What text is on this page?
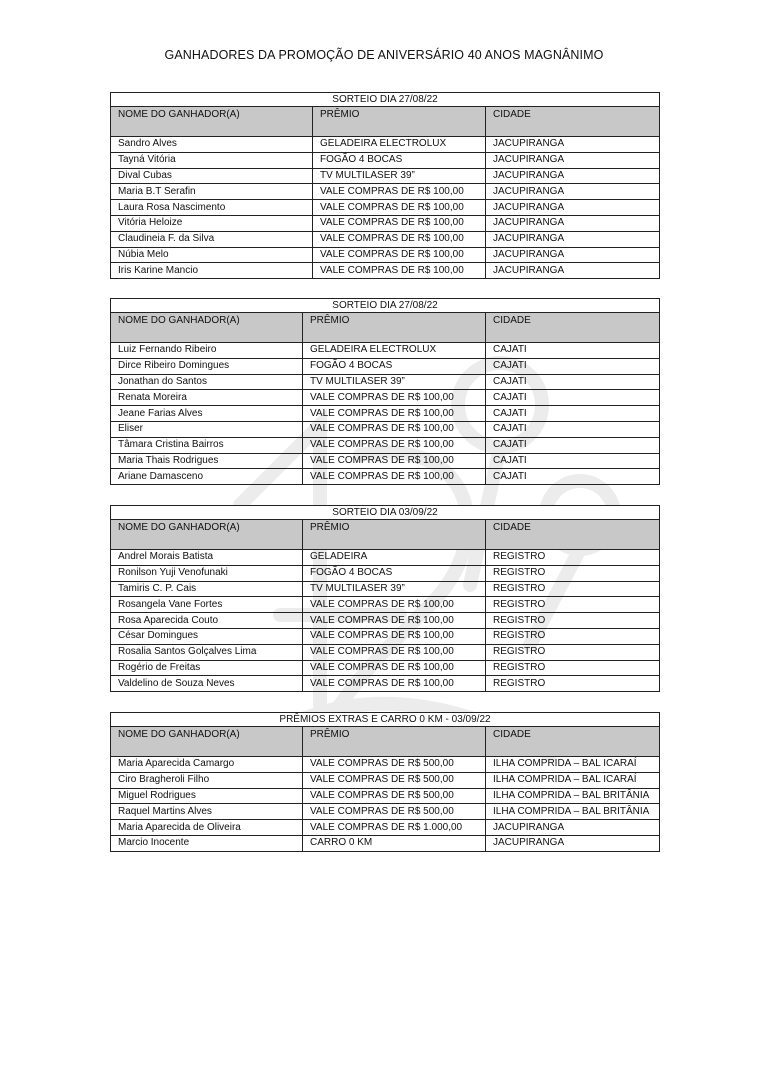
GANHADORES DA PROMOÇÃO DE ANIVERSÁRIO 40 ANOS MAGNÂNIMO
SORTEIO DIA 27/08/22		
NOME DO GANHADOR(A)	PRÊMIO	CIDADE
Sandro Alves	GELADEIRA ELECTROLUX	JACUPIRANGA
Tayná Vitória	FOGÃO 4 BOCAS	JACUPIRANGA
Dival Cubas	TV MULTILASER 39”	JACUPIRANGA
Maria B.T Serafin	VALE COMPRAS DE R$ 100,00	JACUPIRANGA
Laura Rosa Nascimento	VALE COMPRAS DE R$ 100,00	JACUPIRANGA
Vitória Heloize	VALE COMPRAS DE R$ 100,00	JACUPIRANGA
Claudineia F. da Silva	VALE COMPRAS DE R$ 100,00	JACUPIRANGA
Núbia Melo	VALE COMPRAS DE R$ 100,00	JACUPIRANGA
Iris Karine Mancio	VALE COMPRAS DE R$ 100,00	JACUPIRANGA
SORTEIO DIA 27/08/22		
NOME DO GANHADOR(A)	PRÊMIO	CIDADE
Luiz Fernando Ribeiro	GELADEIRA ELECTROLUX	CAJATI
Dirce Ribeiro Domingues	FOGÃO 4 BOCAS	CAJATI
Jonathan do Santos	TV MULTILASER 39”	CAJATI
Renata Moreira	VALE COMPRAS DE R$ 100,00	CAJATI
Jeane Farias Alves	VALE COMPRAS DE R$ 100,00	CAJATI
Eliser	VALE COMPRAS DE R$ 100,00	CAJATI
Tâmara Cristina Bairros	VALE COMPRAS DE R$ 100,00	CAJATI
Maria Thais Rodrigues	VALE COMPRAS DE R$ 100,00	CAJATI
Ariane Damasceno	VALE COMPRAS DE R$ 100,00	CAJATI
SORTEIO DIA 03/09/22		
NOME DO GANHADOR(A)	PRÊMIO	CIDADE
Andrel Morais Batista	GELADEIRA	REGISTRO
Ronilson Yuji Venofunaki	FOGÃO 4 BOCAS	REGISTRO
Tamiris C. P. Cais	TV MULTILASER 39”	REGISTRO
Rosangela Vane Fortes	VALE COMPRAS DE R$ 100,00	REGISTRO
Rosa Aparecida Couto	VALE COMPRAS DE R$ 100,00	REGISTRO
César Domingues	VALE COMPRAS DE R$ 100,00	REGISTRO
Rosalia Santos Golçalves Lima	VALE COMPRAS DE R$ 100,00	REGISTRO
Rogério de Freitas	VALE COMPRAS DE R$ 100,00	REGISTRO
Valdelino de Souza Neves	VALE COMPRAS DE R$ 100,00	REGISTRO
PRÊMIOS EXTRAS E CARRO 0 KM - 03/09/22		
NOME DO GANHADOR(A)	PRÊMIO	CIDADE
Maria Aparecida Camargo	VALE COMPRAS DE R$ 500,00	ILHA COMPRIDA – BAL ICARAÍ
Ciro Bragheroli Filho	VALE COMPRAS DE R$ 500,00	ILHA COMPRIDA – BAL ICARAÍ
Miguel Rodrigues	VALE COMPRAS DE R$ 500,00	ILHA COMPRIDA – BAL BRITÂNIA
Raquel Martins Alves	VALE COMPRAS DE R$ 500,00	ILHA COMPRIDA – BAL BRITÂNIA
Maria Aparecida de Oliveira	VALE COMPRAS DE R$ 1.000,00	JACUPIRANGA
Marcio Inocente	CARRO 0 KM	JACUPIRANGA
